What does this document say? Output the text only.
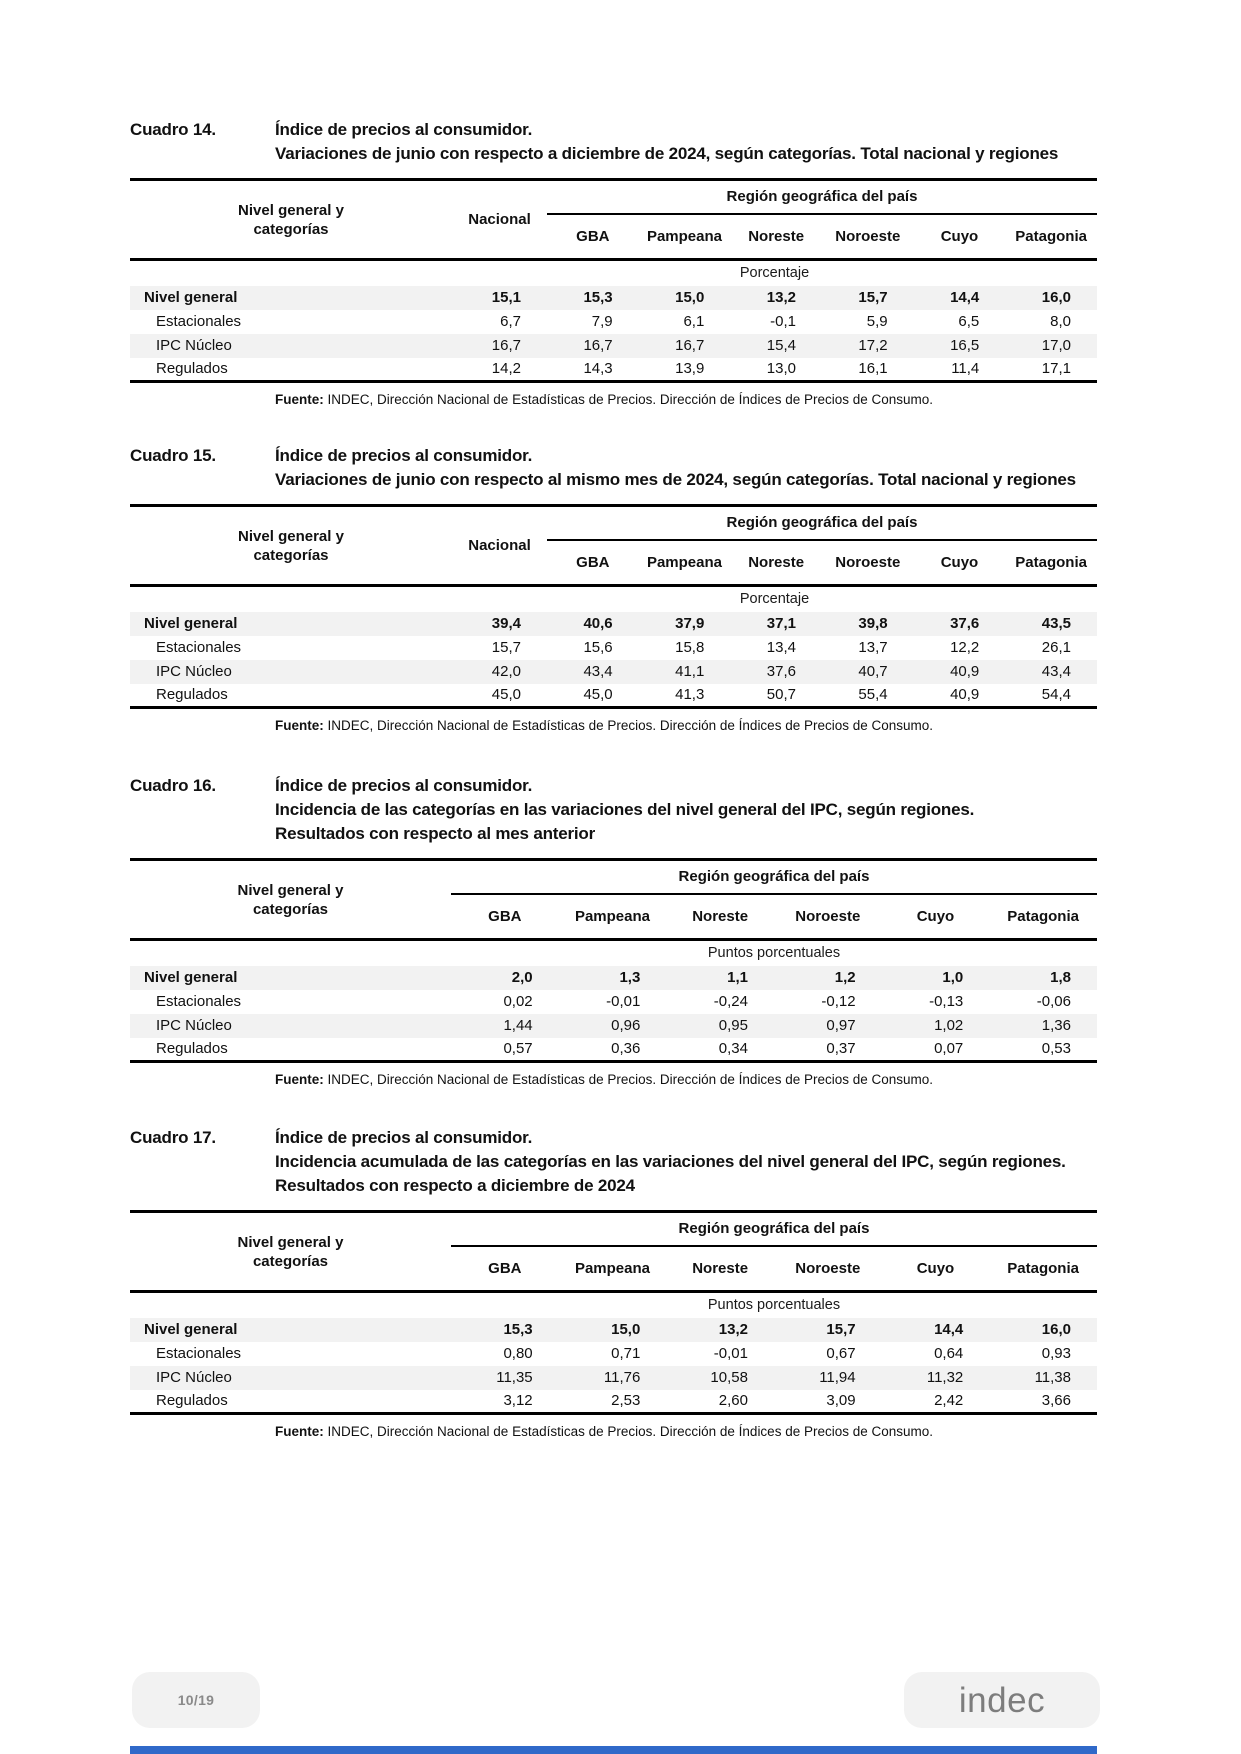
Cuadro 14.	Índice de precios al consumidor.
Variaciones de junio con respecto a diciembre de 2024, según categorías. Total nacional y regiones
Nivel general y
categorías	Nacional	Región geográfica del país					
		GBA	Pampeana	Noreste	Noroeste	Cuyo	Patagonia
	Porcentaje						
Nivel general	15,1	15,3	15,0	13,2	15,7	14,4	16,0
Estacionales	6,7	7,9	6,1	-0,1	5,9	6,5	8,0
IPC Núcleo	16,7	16,7	16,7	15,4	17,2	16,5	17,0
Regulados	14,2	14,3	13,9	13,0	16,1	11,4	17,1

Fuente: INDEC, Dirección Nacional de Estadísticas de Precios. Dirección de Índices de Precios de Consumo.

Cuadro 15.	Índice de precios al consumidor.
Variaciones de junio con respecto al mismo mes de 2024, según categorías. Total nacional y regiones
Nivel general y
categorías	Nacional	Región geográfica del país					
		GBA	Pampeana	Noreste	Noroeste	Cuyo	Patagonia
	Porcentaje						
Nivel general	39,4	40,6	37,9	37,1	39,8	37,6	43,5
Estacionales	15,7	15,6	15,8	13,4	13,7	12,2	26,1
IPC Núcleo	42,0	43,4	41,1	37,6	40,7	40,9	43,4
Regulados	45,0	45,0	41,3	50,7	55,4	40,9	54,4

Fuente: INDEC, Dirección Nacional de Estadísticas de Precios. Dirección de Índices de Precios de Consumo.

Cuadro 16.	Índice de precios al consumidor.
Incidencia de las categorías en las variaciones del nivel general del IPC, según regiones.
Resultados con respecto al mes anterior
Nivel general y
categorías	Región geográfica del país					
	GBA	Pampeana	Noreste	Noroeste	Cuyo	Patagonia
	Puntos porcentuales					
Nivel general	2,0	1,3	1,1	1,2	1,0	1,8
Estacionales	0,02	-0,01	-0,24	-0,12	-0,13	-0,06
IPC Núcleo	1,44	0,96	0,95	0,97	1,02	1,36
Regulados	0,57	0,36	0,34	0,37	0,07	0,53

Fuente: INDEC, Dirección Nacional de Estadísticas de Precios. Dirección de Índices de Precios de Consumo.

Cuadro 17.	Índice de precios al consumidor.
Incidencia acumulada de las categorías en las variaciones del nivel general del IPC, según regiones.
Resultados con respecto a diciembre de 2024
Nivel general y
categorías	Región geográfica del país					
	GBA	Pampeana	Noreste	Noroeste	Cuyo	Patagonia
	Puntos porcentuales					
Nivel general	15,3	15,0	13,2	15,7	14,4	16,0
Estacionales	0,80	0,71	-0,01	0,67	0,64	0,93
IPC Núcleo	11,35	11,76	10,58	11,94	11,32	11,38
Regulados	3,12	2,53	2,60	3,09	2,42	3,66

Fuente: INDEC, Dirección Nacional de Estadísticas de Precios. Dirección de Índices de Precios de Consumo.

10/19	indec
